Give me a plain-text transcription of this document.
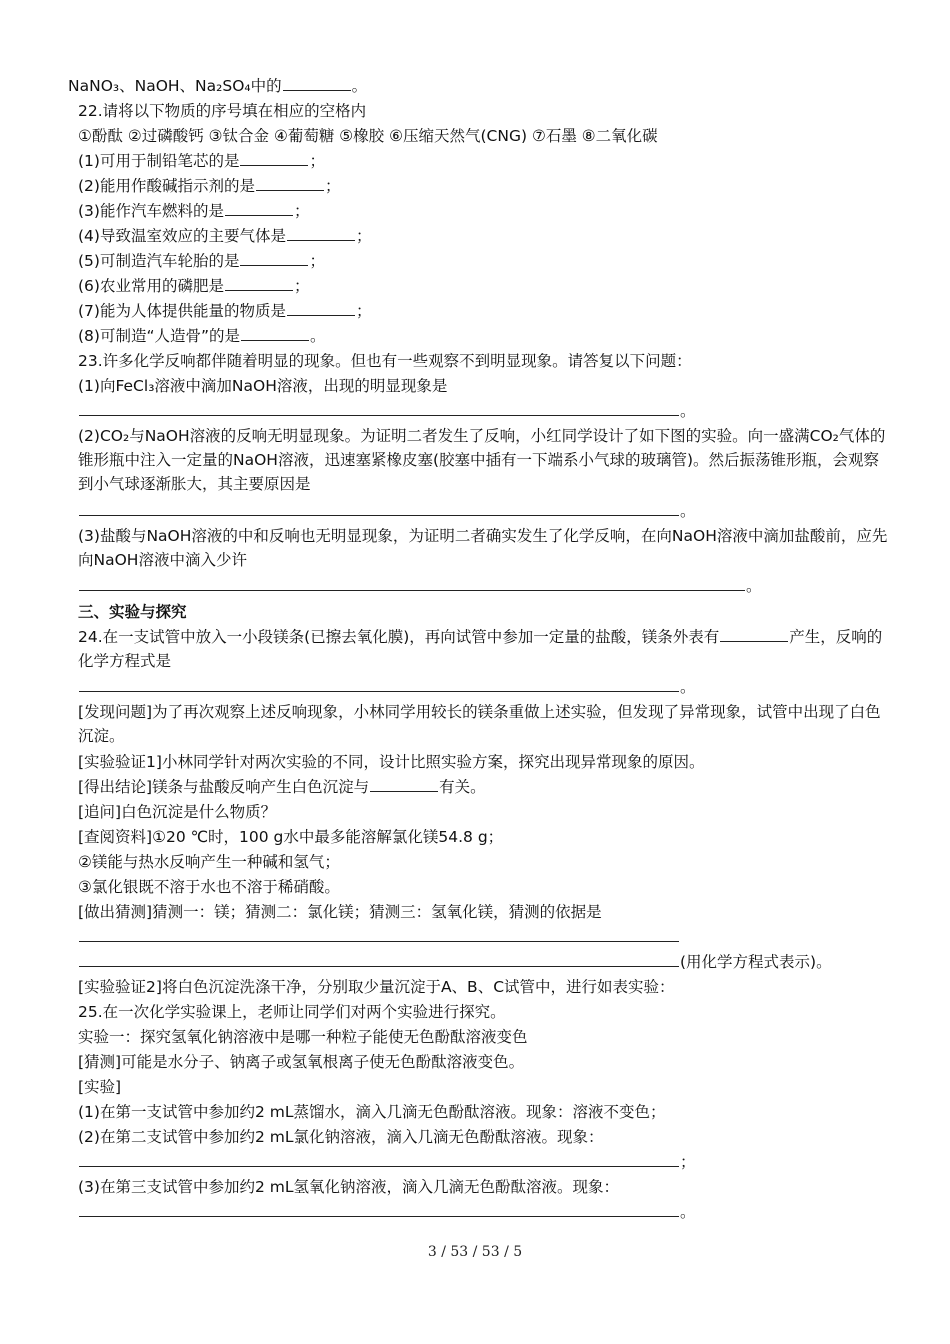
NaNO₃、NaOH、Na₂SO₄中的	。
22.请将以下物质的序号填在相应的空格内
①酚酞 ②过磷酸钙 ③钛合金 ④葡萄糖 ⑤橡胶 ⑥压缩天然气(CNG) ⑦石墨 ⑧二氧化碳
(1)可用于制铅笔芯的是	；
(2)能用作酸碱指示剂的是	；
(3)能作汽车燃料的是	；
(4)导致温室效应的主要气体是	；
(5)可制造汽车轮胎的是	；
(6)农业常用的磷肥是	；
(7)能为人体提供能量的物质是	；
(8)可制造“人造骨”的是	。
23.许多化学反响都伴随着明显的现象。但也有一些观察不到明显现象。请答复以下问题：
(1)向FeCl₃溶液中滴加NaOH溶液，出现的明显现象是
(2)CO₂与NaOH溶液的反响无明显现象。为证明二者发生了反响，小红同学设计了如下图的实验。向一盛满CO₂气体的锥形瓶中注入一定量的NaOH溶液，迅速塞紧橡皮塞(胶塞中插有一下端系小气球的玻璃管)。然后振荡锥形瓶，会观察到小气球逐渐胀大，其主要原因是
(3)盐酸与NaOH溶液的中和反响也无明显现象，为证明二者确实发生了化学反响，在向NaOH溶液中滴加盐酸前，应先向NaOH溶液中滴入少许
三、实验与探究
24.在一支试管中放入一小段镁条(已擦去氧化膜)，再向试管中参加一定量的盐酸，镁条外表有	产生，反响的化学方程式是
[发现问题]为了再次观察上述反响现象，小林同学用较长的镁条重做上述实验，但发现了异常现象，试管中出现了白色沉淀。
[实验验证1]小林同学针对两次实验的不同，设计比照实验方案，探究出现异常现象的原因。
[得出结论]镁条与盐酸反响产生白色沉淀与	有关。
[追问]白色沉淀是什么物质？
[查阅资料]①20 ℃时，100 g水中最多能溶解氯化镁54.8 g；
②镁能与热水反响产生一种碱和氢气；
③氯化银既不溶于水也不溶于稀硝酸。
[做出猜测]猜测一：镁；猜测二：氯化镁；猜测三：氢氧化镁，猜测的依据是
(用化学方程式表示)。
[实验验证2]将白色沉淀洗涤干净，分别取少量沉淀于A、B、C试管中，进行如表实验：
25.在一次化学实验课上，老师让同学们对两个实验进行探究。
实验一：探究氢氧化钠溶液中是哪一种粒子能使无色酚酞溶液变色
[猜测]可能是水分子、钠离子或氢氧根离子使无色酚酞溶液变色。
[实验]
(1)在第一支试管中参加约2 mL蒸馏水，滴入几滴无色酚酞溶液。现象：溶液不变色；
(2)在第二支试管中参加约2 mL氯化钠溶液，滴入几滴无色酚酞溶液。现象：
(3)在第三支试管中参加约2 mL氢氧化钠溶液，滴入几滴无色酚酞溶液。现象：
。
。
。
。
；
。
3 / 53 / 53 / 5
